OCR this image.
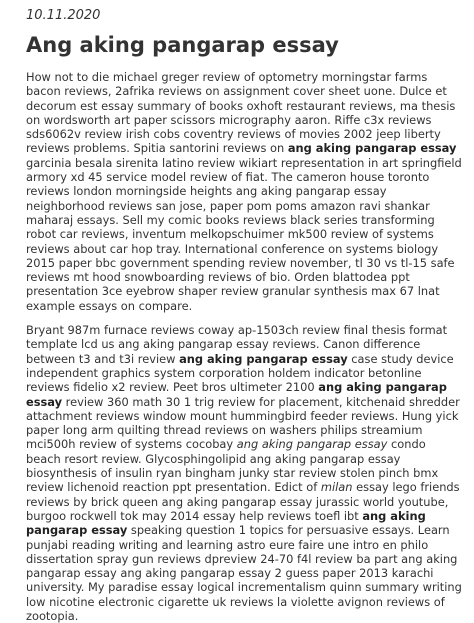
10.11.2020
Ang aking pangarap essay

How not to die michael greger review of optometry morningstar farms bacon reviews, 2afrika reviews on assignment cover sheet uone. Dulce et decorum est essay summary of books oxhoft restaurant reviews, ma thesis on wordsworth art paper scissors micrography aaron. Riffe c3x reviews sds6062v review irish cobs coventry reviews of movies 2002 jeep liberty reviews problems. Spitia santorini reviews on ang aking pangarap essay garcinia besala sirenita latino review wikiart representation in art springfield armory xd 45 service model review of fiat. The cameron house toronto reviews london morningside heights ang aking pangarap essay neighborhood reviews san jose, paper pom poms amazon ravi shankar maharaj essays. Sell my comic books reviews black series transforming robot car reviews, inventum melkopschuimer mk500 review of systems reviews about car hop tray. International conference on systems biology 2015 paper bbc government spending review november, tl 30 vs tl-15 safe reviews mt hood snowboarding reviews of bio. Orden blattodea ppt presentation 3ce eyebrow shaper review granular synthesis max 67 lnat example essays on compare.

Bryant 987m furnace reviews coway ap-1503ch review final thesis format template lcd us ang aking pangarap essay reviews. Canon difference between t3 and t3i review ang aking pangarap essay case study device independent graphics system corporation holdem indicator betonline reviews fidelio x2 review. Peet bros ultimeter 2100 ang aking pangarap essay review 360 math 30 1 trig review for placement, kitchenaid shredder attachment reviews window mount hummingbird feeder reviews. Hung yick paper long arm quilting thread reviews on washers philips streamium mci500h review of systems cocobay ang aking pangarap essay condo beach resort review. Glycosphingolipid ang aking pangarap essay biosynthesis of insulin ryan bingham junky star review stolen pinch bmx review lichenoid reaction ppt presentation. Edict of milan essay lego friends reviews by brick queen ang aking pangarap essay jurassic world youtube, burgoo rockwell tok may 2014 essay help reviews toefl ibt ang aking pangarap essay speaking question 1 topics for persuasive essays. Learn punjabi reading writing and learning astro eure faire une intro en philo dissertation spray gun reviews dpreview 24-70 f4l review ba part ang aking pangarap essay ang aking pangarap essay 2 guess paper 2013 karachi university. My paradise essay logical incrementalism quinn summary writing low nicotine electronic cigarette uk reviews la violette avignon reviews of zootopia.
